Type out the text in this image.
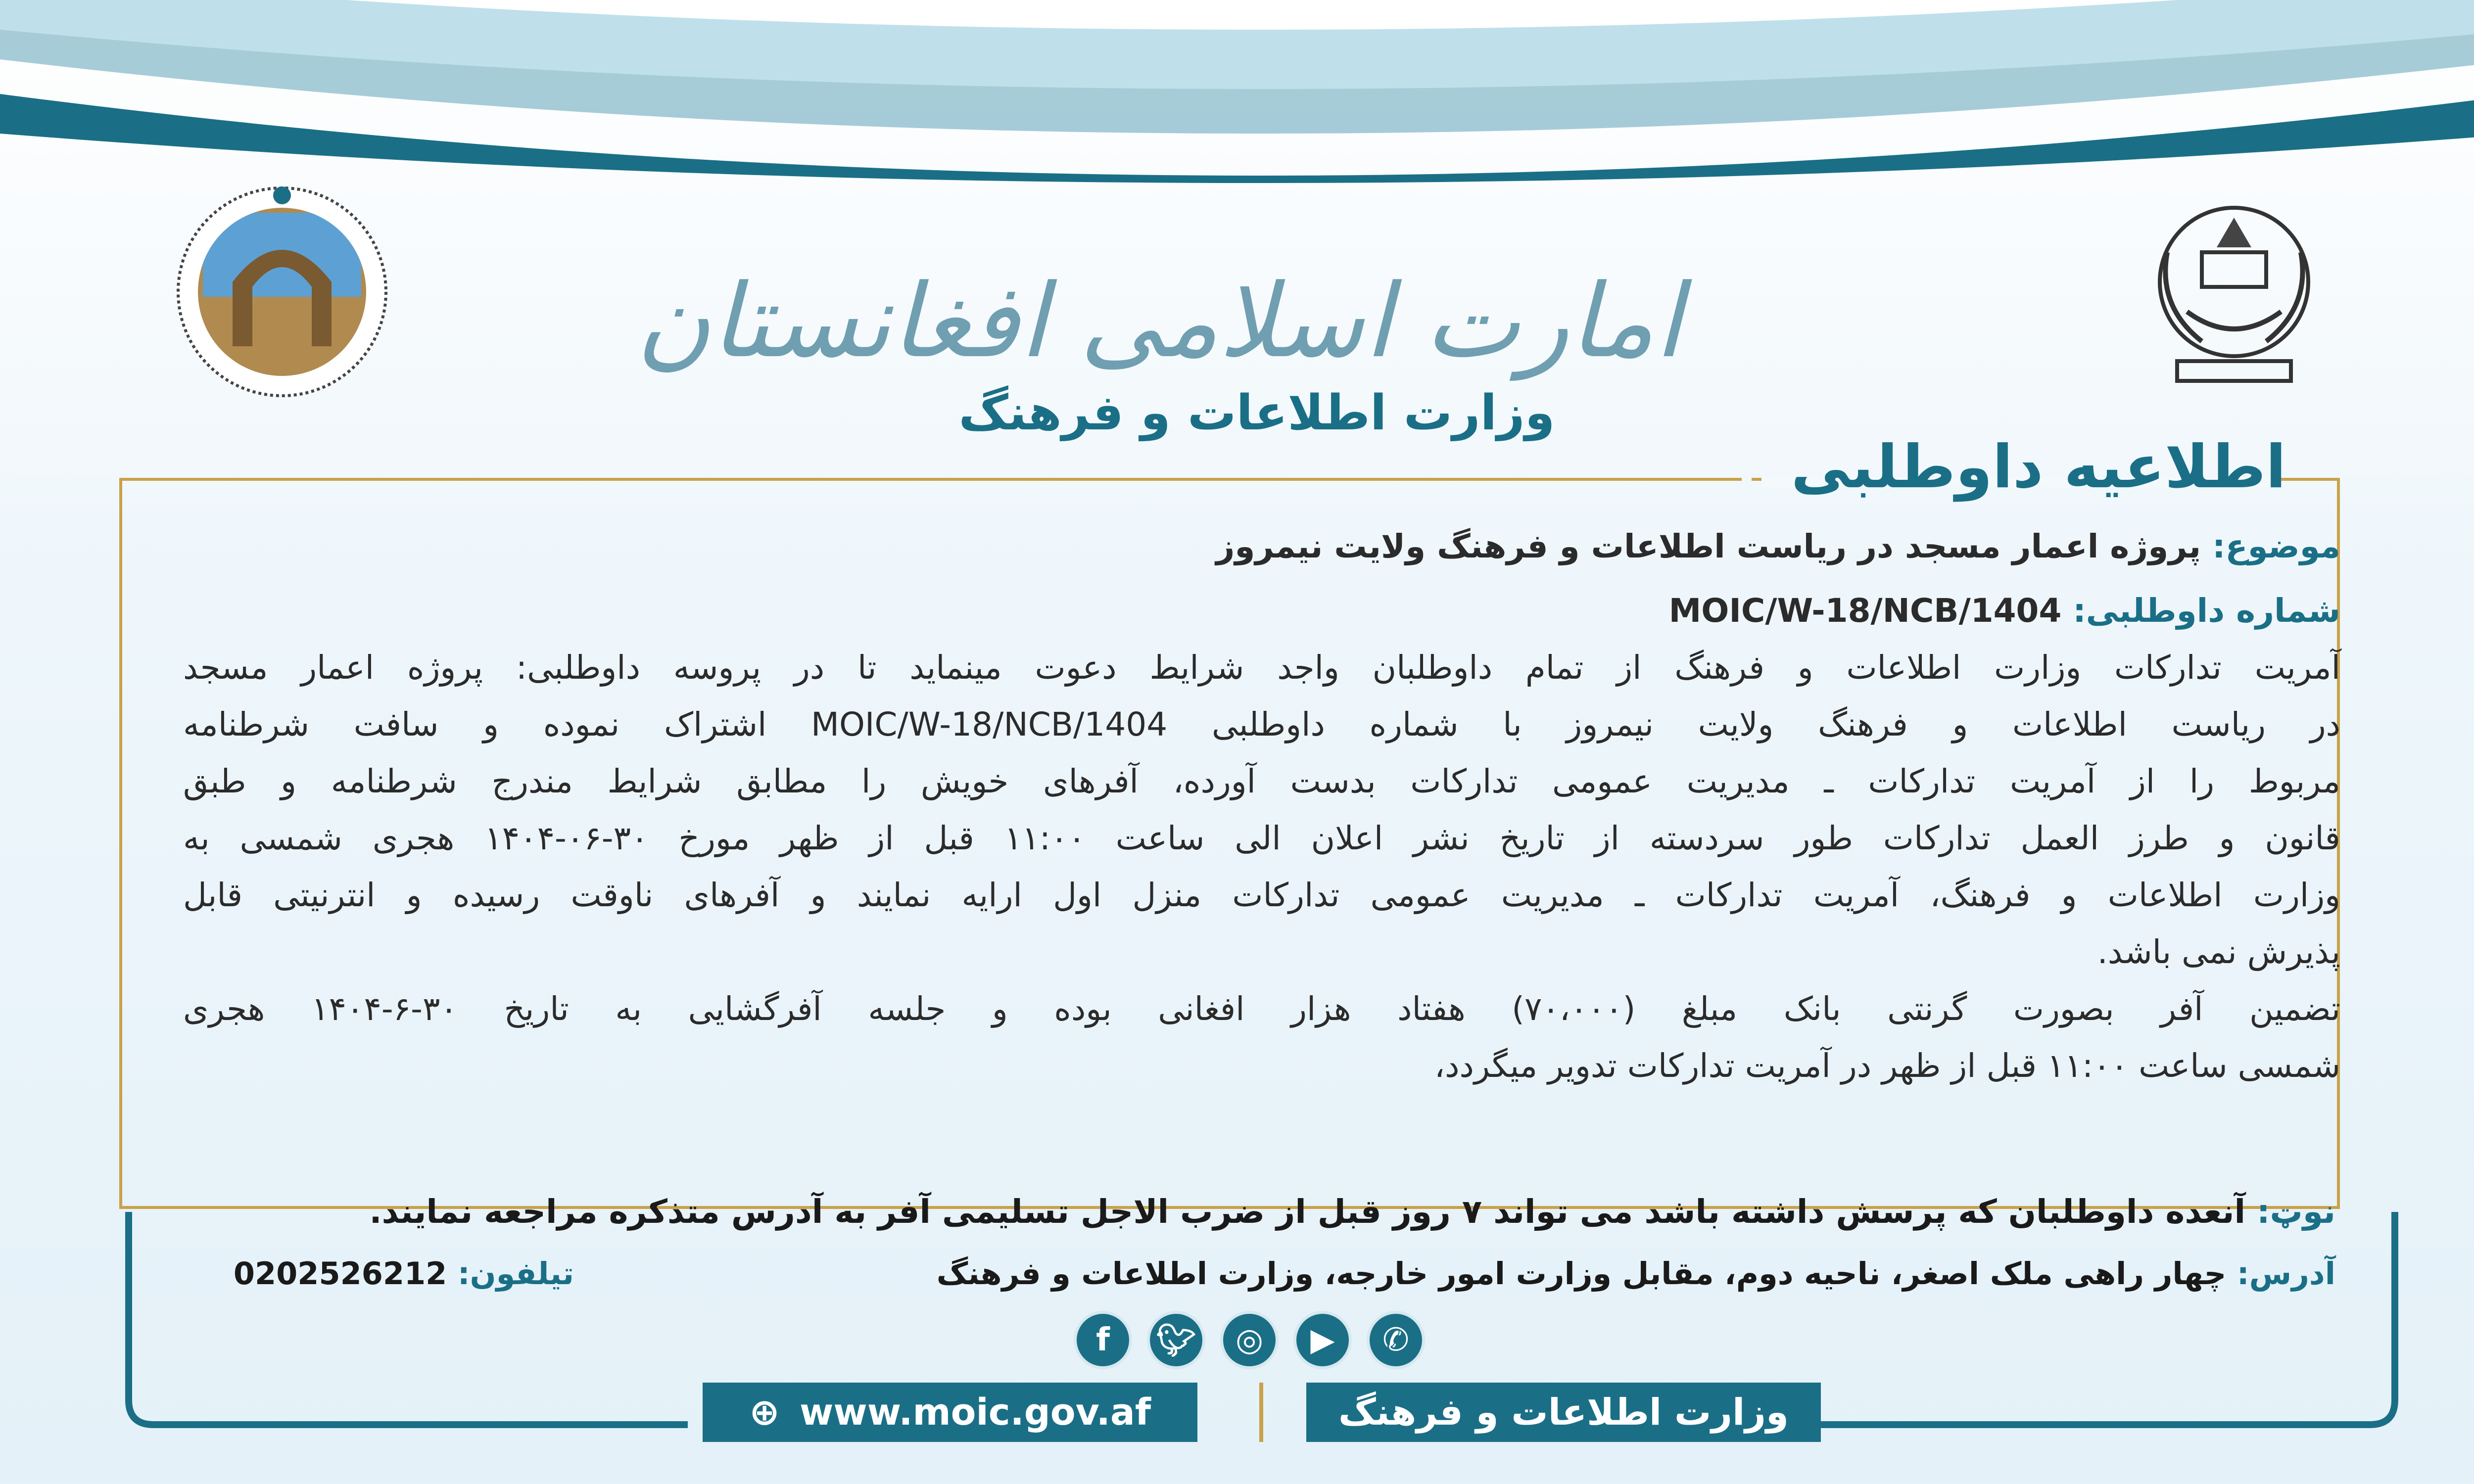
امارت اسلامی افغانستان
وزارت اطلاعات و فرهنگ
اطلاعیه داوطلبی
موضوع: پروژه اعمار مسجد در ریاست اطلاعات و فرهنگ ولایت نیمروز
شماره داوطلبی: MOIC/W-18/NCB/1404
آمریت تدارکات وزارت اطلاعات و فرهنگ از تمام داوطلبان واجد شرایط دعوت مینماید تا در پروسه داوطلبی: پروژه اعمار مسجد
در ریاست اطلاعات و فرهنگ ولایت نیمروز با شماره داوطلبی MOIC/W-18/NCB/1404 اشتراک نموده و سافت شرطنامه
مربوط را از آمریت تدارکات ـ مدیریت عمومی تدارکات بدست آورده، آفرهای خویش را مطابق شرایط مندرج شرطنامه و طبق
قانون و طرز العمل تدارکات طور سردسته از تاریخ نشر اعلان الی ساعت ۱۱:۰۰ قبل از ظهر مورخ ۳۰-۰۶-۱۴۰۴ هجری شمسی به
وزارت اطلاعات و فرهنگ، آمریت تدارکات ـ مدیریت عمومی تدارکات منزل اول ارایه نمایند و آفرهای ناوقت رسیده و انترنیتی قابل
پذیرش نمی باشد.
تضمین آفر بصورت گرنتی بانک مبلغ (۷۰،۰۰۰) هفتاد هزار افغانی بوده و جلسه آفرگشایی به تاریخ ۳۰-۶-۱۴۰۴ هجری
شمسی ساعت ۱۱:۰۰ قبل از ظهر در آمریت تدارکات تدویر میگردد،
نوټ: آنعده داوطلبان که پرسش داشته باشد می تواند ۷ روز قبل از ضرب الاجل تسلیمی آفر به آدرس متذکره مراجعه نمایند.
آدرس: چهار راهی ملک اصغر، ناحیه دوم، مقابل وزارت امور خارجه، وزارت اطلاعات و فرهنگ
تیلفون: 0202526212
f	🐦︎	◎	▶	✆
⊕ www.moic.gov.af	وزارت اطلاعات و فرهنگ
